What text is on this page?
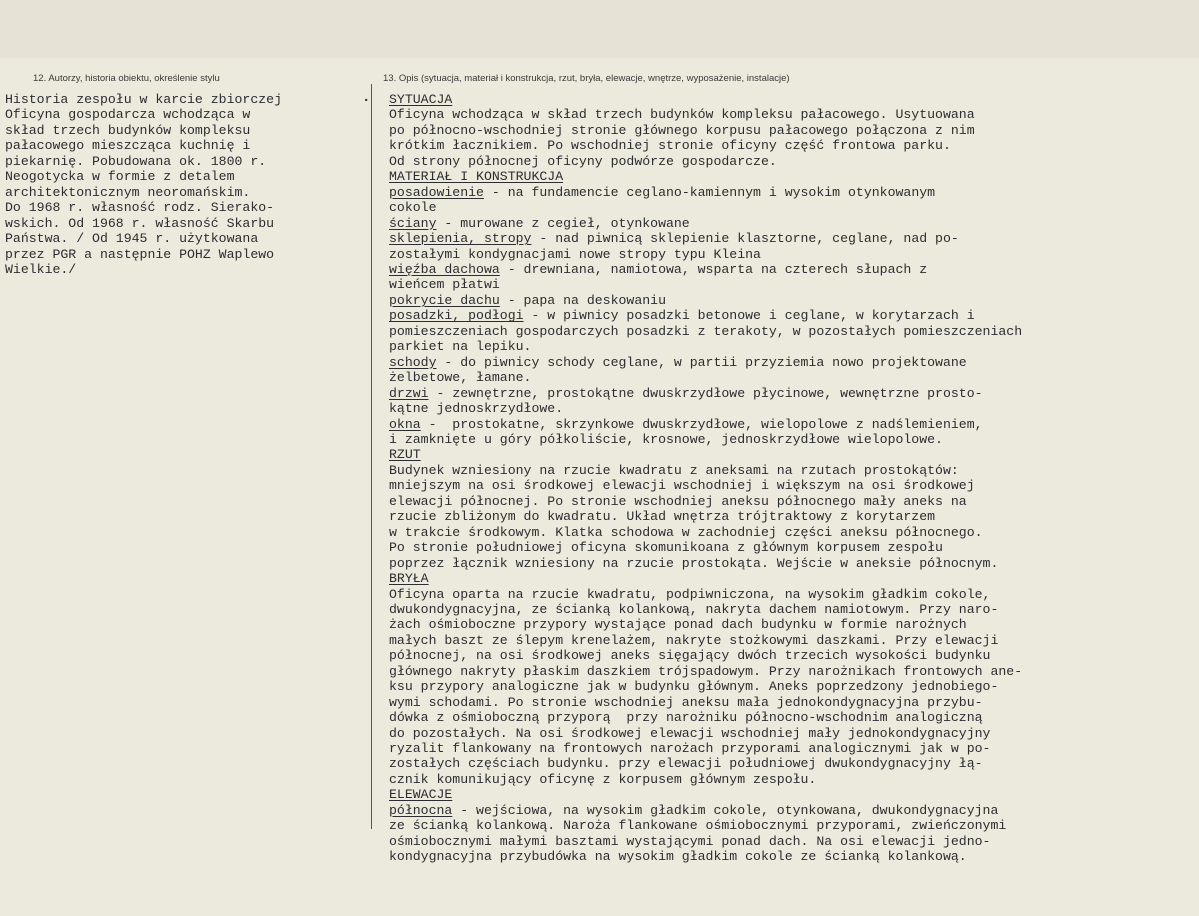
12. Autorzy, historia obiektu, określenie stylu	13. Opis (sytuacja, materiał i konstrukcja, rzut, bryła, elewacje, wnętrze, wyposażenie, instalacje)
.
Historia zespołu w karcie zbiorczej
Oficyna gospodarcza wchodząca w
skład trzech budynków kompleksu
pałacowego mieszcząca kuchnię i
piekarnię. Pobudowana ok. 1800 r.
Neogotycka w formie z detalem
architektonicznym neoromańskim.
Do 1968 r. własność rodz. Sierako-
wskich. Od 1968 r. własność Skarbu
Państwa. / Od 1945 r. użytkowana
przez PGR a następnie POHZ Waplewo
Wielkie./
SYTUACJA
Oficyna wchodząca w skład trzech budynków kompleksu pałacowego. Usytuowana
po północno-wschodniej stronie głównego korpusu pałacowego połączona z nim
krótkim łacznikiem. Po wschodniej stronie oficyny część frontowa parku.
Od strony północnej oficyny podwórze gospodarcze.
MATERIAŁ I KONSTRUKCJA
posadowienie - na fundamencie ceglano-kamiennym i wysokim otynkowanym
cokole
ściany - murowane z cegieł, otynkowane
sklepienia, stropy - nad piwnicą sklepienie klasztorne, ceglane, nad po-
zostałymi kondygnacjami nowe stropy typu Kleina
więźba dachowa - drewniana, namiotowa, wsparta na czterech słupach z
wieńcem płatwi
pokrycie dachu - papa na deskowaniu
posadzki, podłogi - w piwnicy posadzki betonowe i ceglane, w korytarzach i
pomieszczeniach gospodarczych posadzki z terakoty, w pozostałych pomieszczeniach
parkiet na lepiku.
schody - do piwnicy schody ceglane, w partii przyziemia nowo projektowane
żelbetowe, łamane.
drzwi - zewnętrzne, prostokątne dwuskrzydłowe płycinowe, wewnętrzne prosto-
kątne jednoskrzydłowe.
okna -  prostokatne, skrzynkowe dwuskrzydłowe, wielopolowe z nadślemieniem,
i zamknięte u góry półkoliście, krosnowe, jednoskrzydłowe wielopolowe.
RZUT
Budynek wzniesiony na rzucie kwadratu z aneksami na rzutach prostokątów:
mniejszym na osi środkowej elewacji wschodniej i większym na osi środkowej
elewacji północnej. Po stronie wschodniej aneksu północnego mały aneks na
rzucie zbliżonym do kwadratu. Układ wnętrza trójtraktowy z korytarzem
w trakcie środkowym. Klatka schodowa w zachodniej części aneksu północnego.
Po stronie południowej oficyna skomunikoana z głównym korpusem zespołu
poprzez łącznik wzniesiony na rzucie prostokąta. Wejście w aneksie północnym.
BRYŁA
Oficyna oparta na rzucie kwadratu, podpiwniczona, na wysokim gładkim cokole,
dwukondygnacyjna, ze ścianką kolankową, nakryta dachem namiotowym. Przy naro-
żach ośmioboczne przypory wystające ponad dach budynku w formie narożnych
małych baszt ze ślepym krenelażem, nakryte stożkowymi daszkami. Przy elewacji
północnej, na osi środkowej aneks sięgający dwóch trzecich wysokości budynku
głównego nakryty płaskim daszkiem trójspadowym. Przy narożnikach frontowych ane-
ksu przypory analogiczne jak w budynku głównym. Aneks poprzedzony jednobiego-
wymi schodami. Po stronie wschodniej aneksu mała jednokondygnacyjna przybu-
dówka z ośmioboczną przyporą  przy narożniku północno-wschodnim analogiczną
do pozostałych. Na osi środkowej elewacji wschodniej mały jednokondygnacyjny
ryzalit flankowany na frontowych narożach przyporami analogicznymi jak w po-
zostałych częściach budynku. przy elewacji południowej dwukondygnacyjny łą-
cznik komunikujący oficynę z korpusem głównym zespołu.
ELEWACJE
północna - wejściowa, na wysokim gładkim cokole, otynkowana, dwukondygnacyjna
ze ścianką kolankową. Naroża flankowane ośmiobocznymi przyporami, zwieńczonymi
ośmiobocznymi małymi basztami wystającymi ponad dach. Na osi elewacji jedno-
kondygnacyjna przybudówka na wysokim gładkim cokole ze ścianką kolankową.
